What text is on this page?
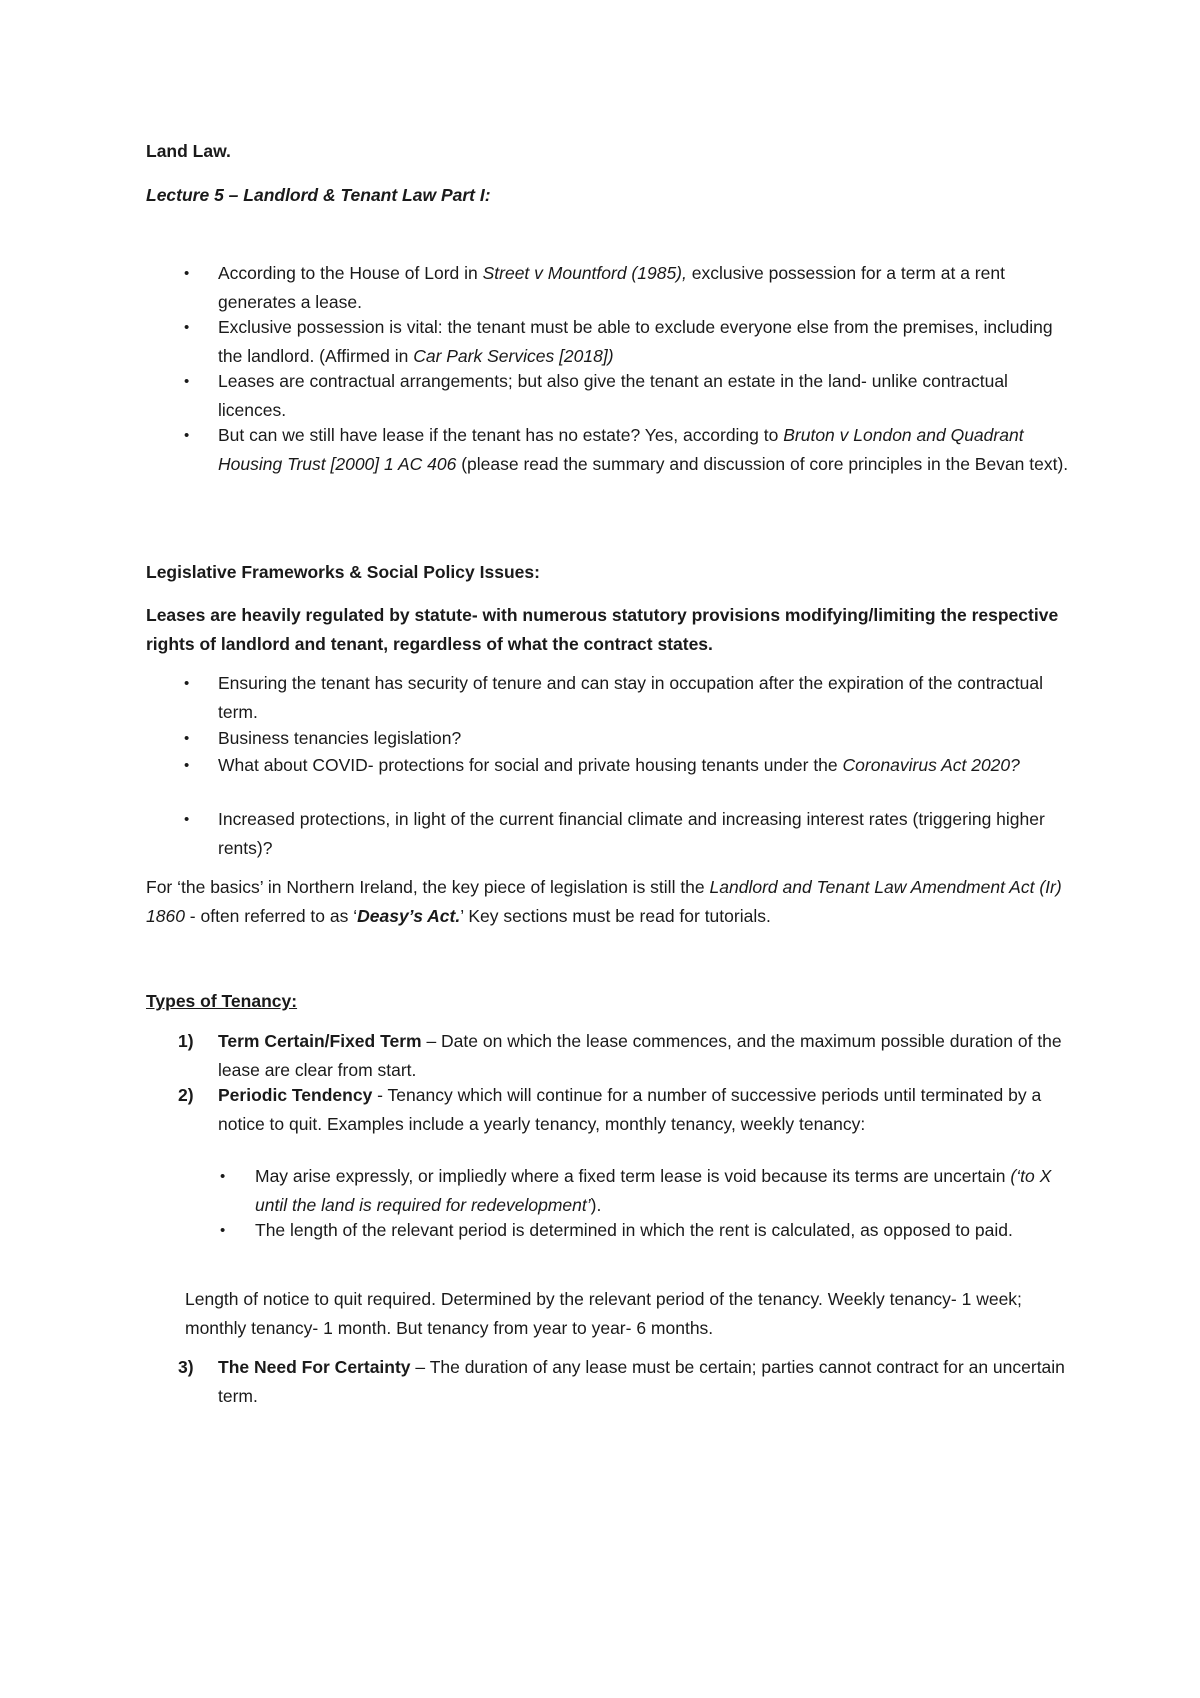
Land Law.

Lecture 5 – Landlord & Tenant Law Part I:

• According to the House of Lord in Street v Mountford (1985), exclusive possession for a term at a rent generates a lease.
• Exclusive possession is vital: the tenant must be able to exclude everyone else from the premises, including the landlord. (Affirmed in Car Park Services [2018])
• Leases are contractual arrangements; but also give the tenant an estate in the land- unlike contractual licences.
• But can we still have lease if the tenant has no estate? Yes, according to Bruton v London and Quadrant Housing Trust [2000] 1 AC 406 (please read the summary and discussion of core principles in the Bevan text).

Legislative Frameworks & Social Policy Issues:

Leases are heavily regulated by statute- with numerous statutory provisions modifying/limiting the respective rights of landlord and tenant, regardless of what the contract states.

• Ensuring the tenant has security of tenure and can stay in occupation after the expiration of the contractual term.
• Business tenancies legislation?
• What about COVID- protections for social and private housing tenants under the Coronavirus Act 2020?
• Increased protections, in light of the current financial climate and increasing interest rates (triggering higher rents)?

For ‘the basics’ in Northern Ireland, the key piece of legislation is still the Landlord and Tenant Law Amendment Act (Ir) 1860 - often referred to as ‘Deasy’s Act.’ Key sections must be read for tutorials.

Types of Tenancy:

1) Term Certain/Fixed Term – Date on which the lease commences, and the maximum possible duration of the lease are clear from start.
2) Periodic Tendency - Tenancy which will continue for a number of successive periods until terminated by a notice to quit. Examples include a yearly tenancy, monthly tenancy, weekly tenancy:
• May arise expressly, or impliedly where a fixed term lease is void because its terms are uncertain (‘to X until the land is required for redevelopment’).
• The length of the relevant period is determined in which the rent is calculated, as opposed to paid.

Length of notice to quit required. Determined by the relevant period of the tenancy. Weekly tenancy- 1 week; monthly tenancy- 1 month. But tenancy from year to year- 6 months.

3) The Need For Certainty – The duration of any lease must be certain; parties cannot contract for an uncertain term.
